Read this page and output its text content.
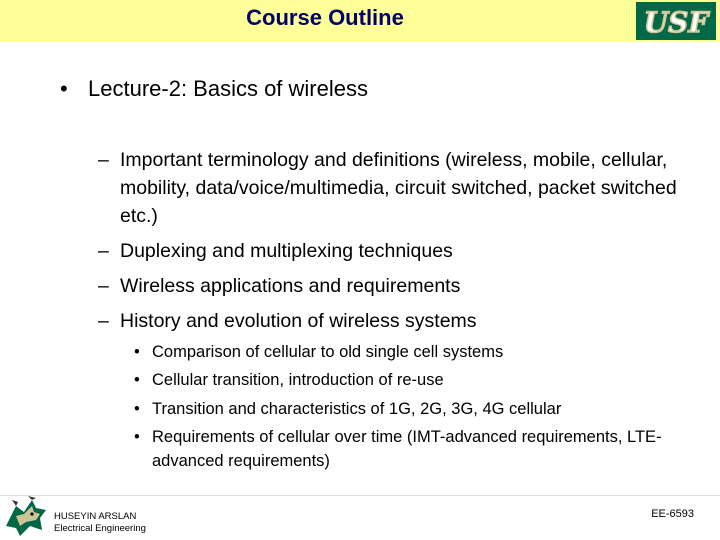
Course Outline	USF
• Lecture-2: Basics of wireless
– Important terminology and definitions (wireless, mobile, cellular, mobility, data/voice/multimedia, circuit switched, packet switched etc.)
– Duplexing and multiplexing techniques
– Wireless applications and requirements
– History and evolution of wireless systems
• Comparison of cellular to old single cell systems
• Cellular transition, introduction of re-use
• Transition and characteristics of 1G, 2G, 3G, 4G cellular
• Requirements of cellular over time (IMT-advanced requirements, LTE-advanced requirements)
HUSEYIN ARSLAN
Electrical Engineering
EE-6593
